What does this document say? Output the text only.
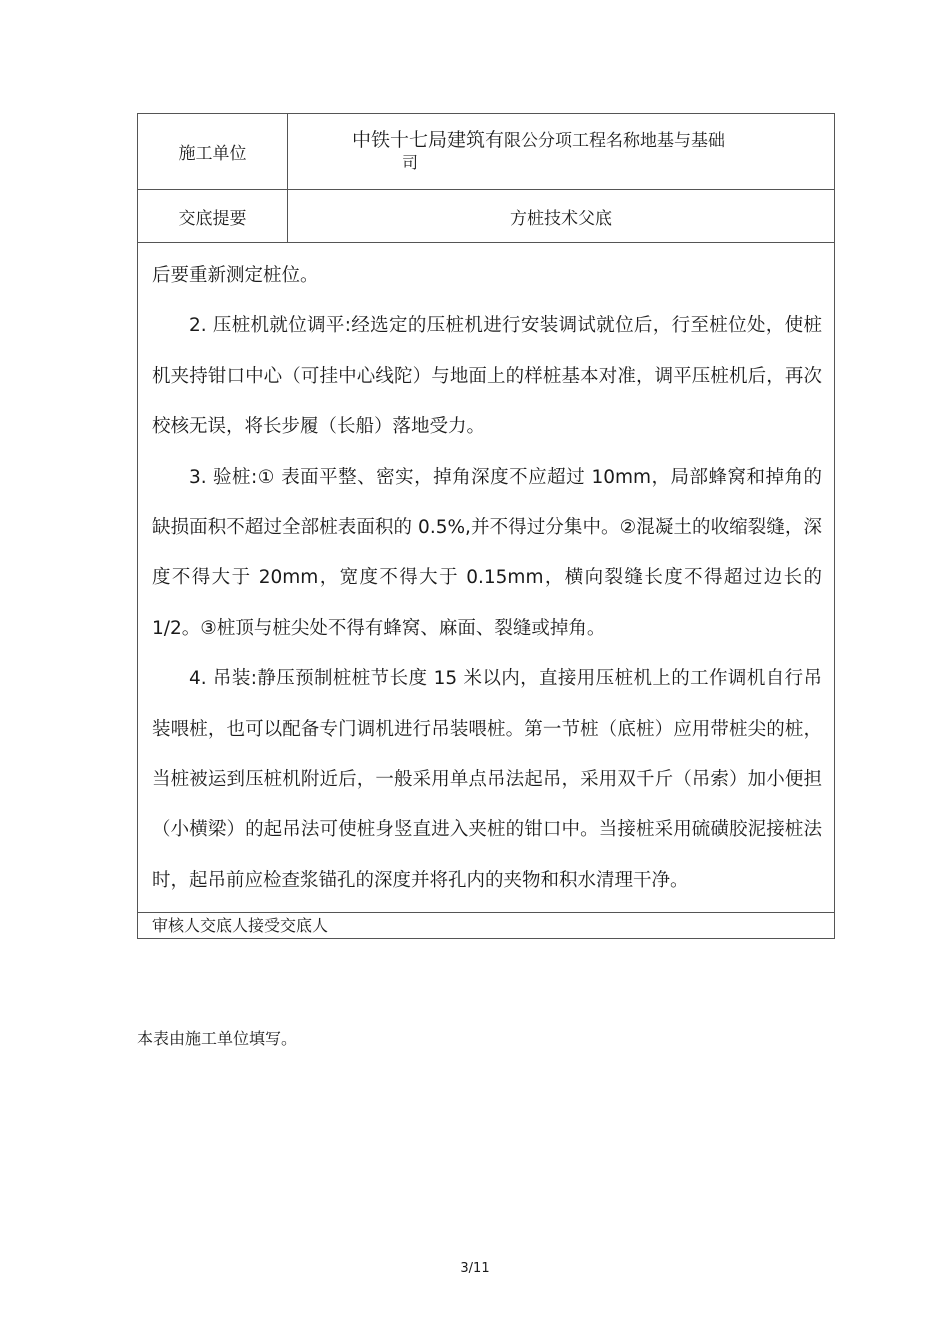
施工单位	中铁十七局建筑有限公分项工程名称地基与基础
司

交底提要	方桩技术父底

后要重新测定桩位。

2. 压桩机就位调平:经选定的压桩机进行安装调试就位后，行至桩位处，使桩机夹持钳口中心（可挂中心线陀）与地面上的样桩基本对准，调平压桩机后，再次校核无误，将长步履（长船）落地受力。

3. 验桩:① 表面平整、密实，掉角深度不应超过 10mm，局部蜂窝和掉角的缺损面积不超过全部桩表面积的 0.5%,并不得过分集中。②混凝土的收缩裂缝，深度不得大于 20mm，宽度不得大于 0.15mm，横向裂缝长度不得超过边长的 1/2。③桩顶与桩尖处不得有蜂窝、麻面、裂缝或掉角。

4. 吊装:静压预制桩桩节长度 15 米以内，直接用压桩机上的工作调机自行吊装喂桩，也可以配备专门调机进行吊装喂桩。第一节桩（底桩）应用带桩尖的桩，当桩被运到压桩机附近后，一般采用单点吊法起吊，采用双千斤（吊索）加小便担（小横梁）的起吊法可使桩身竖直进入夹桩的钳口中。当接桩采用硫磺胶泥接桩法时，起吊前应检查浆锚孔的深度并将孔内的夹物和积水清理干净。	

审核人交底人接受交底人	
本表由施工单位填写。
3/11
